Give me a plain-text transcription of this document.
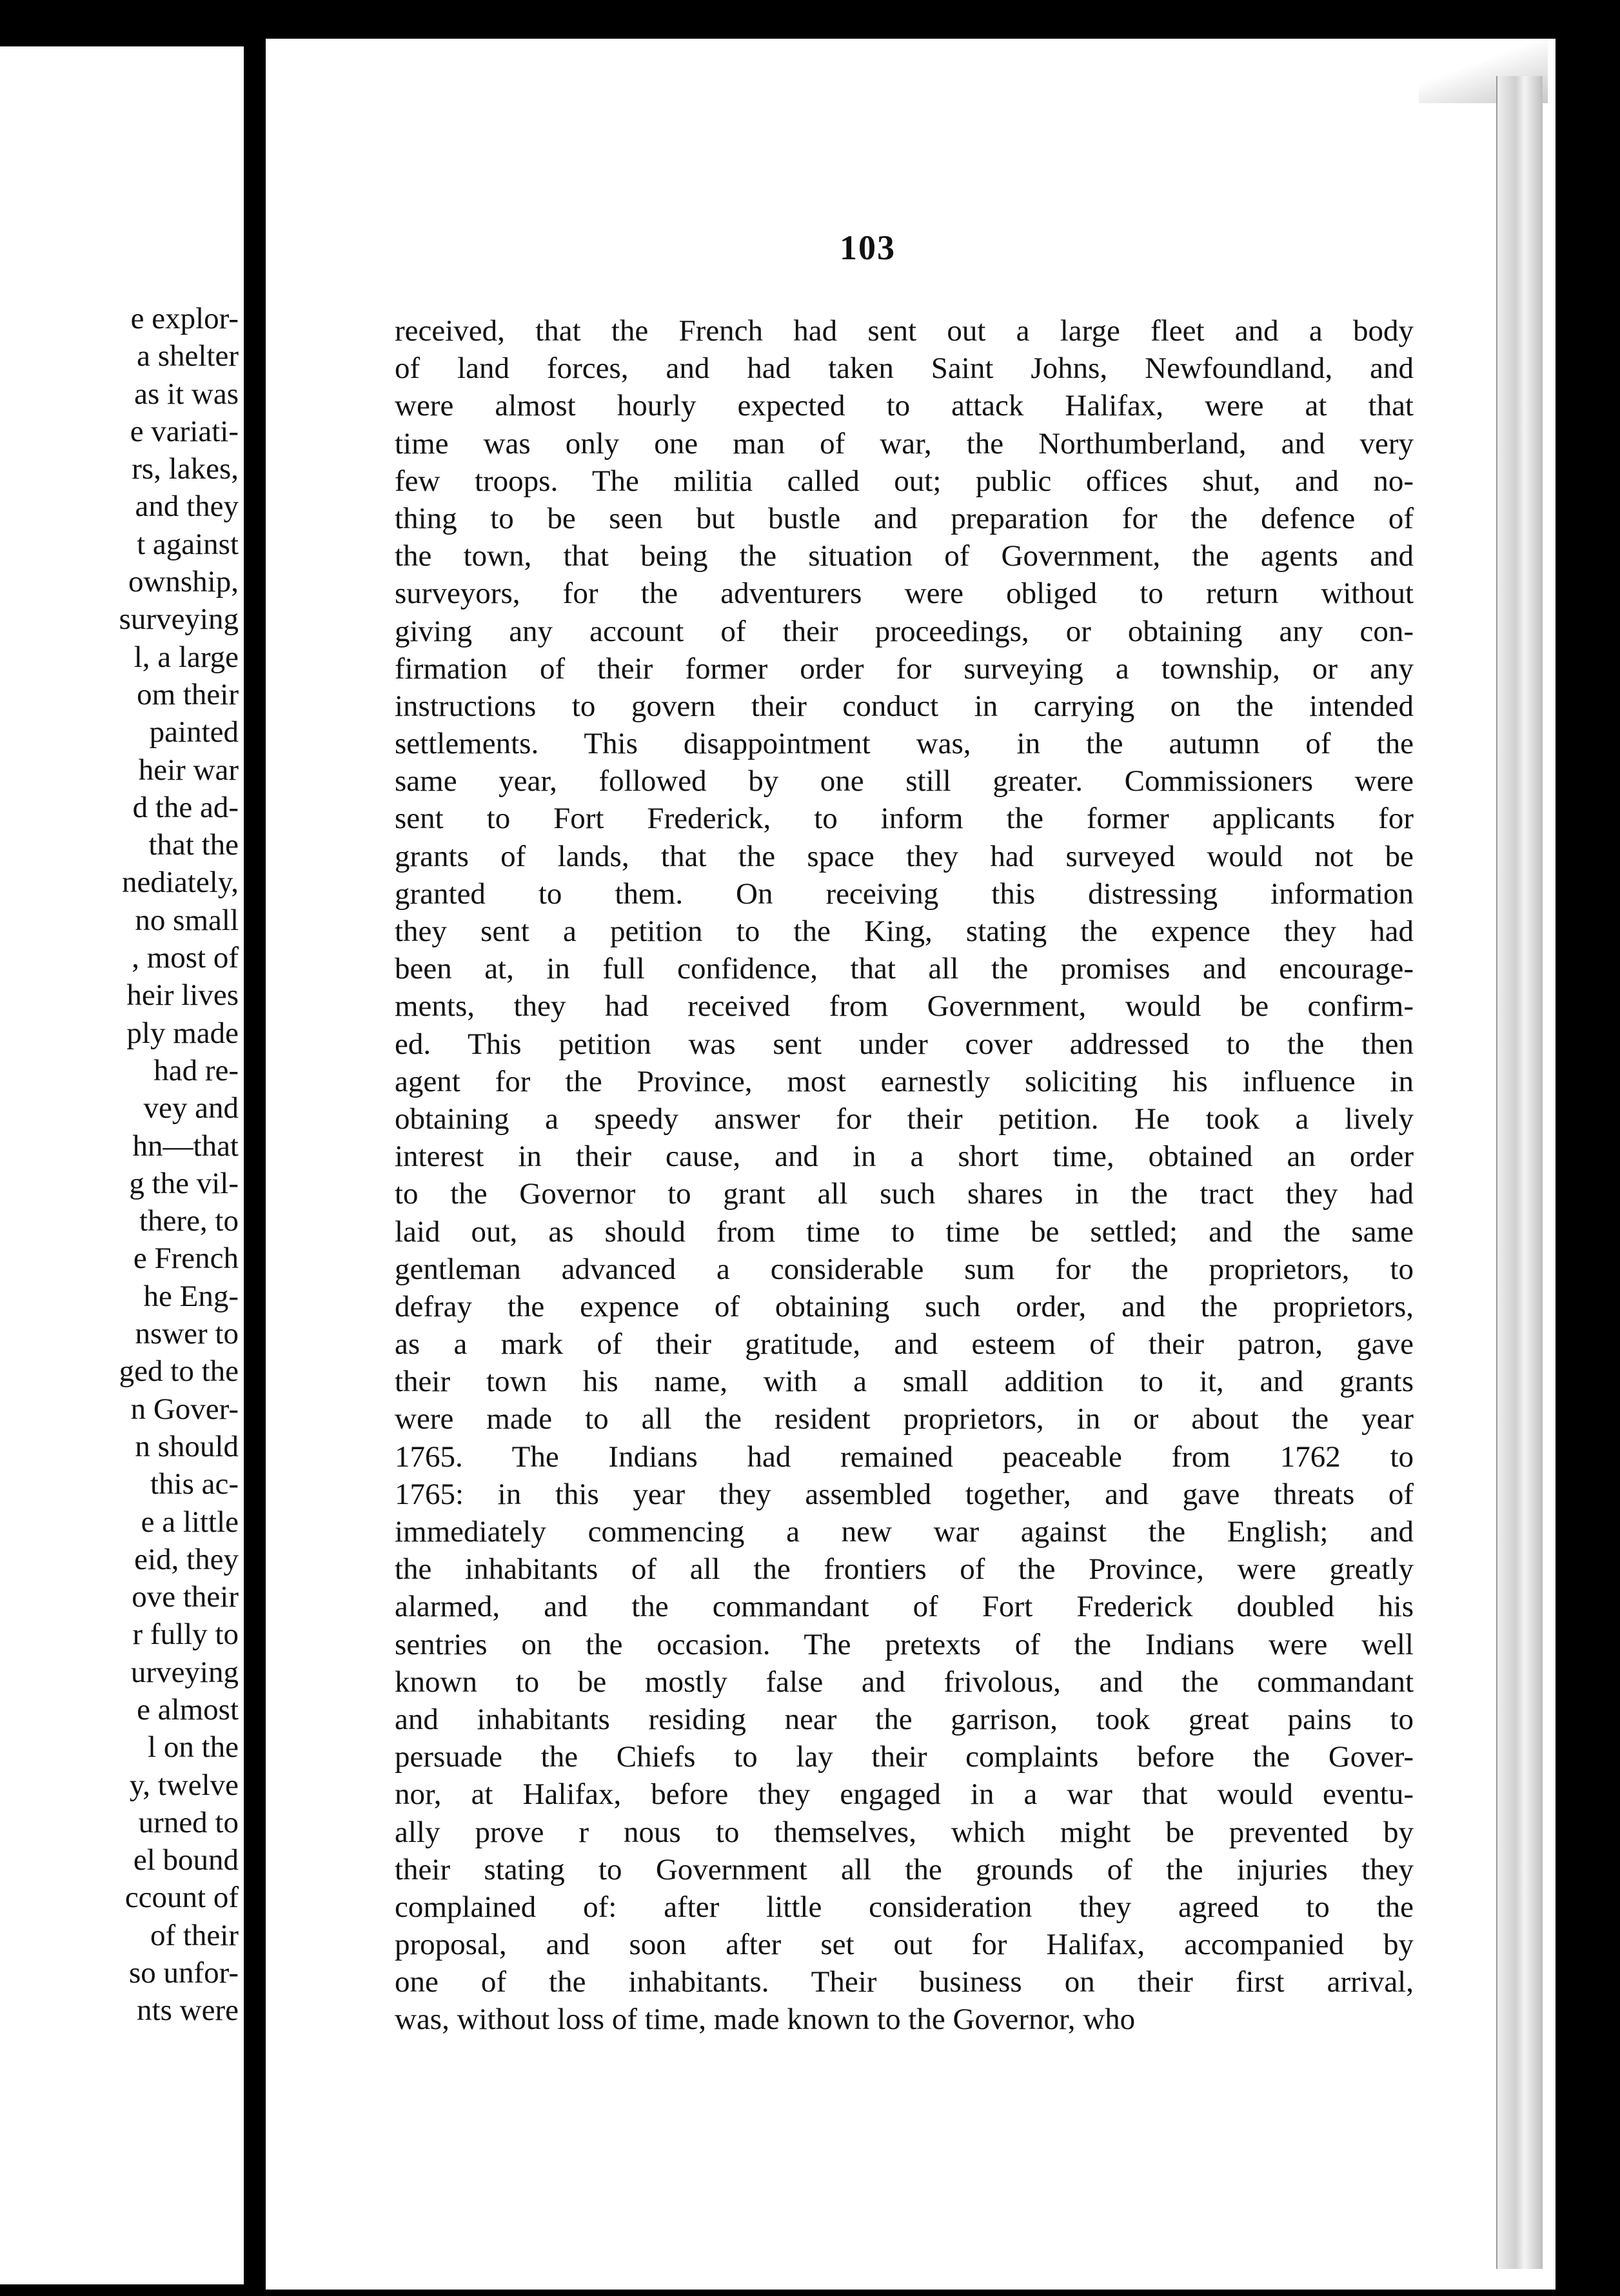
e explor-
a shelter
as it was
e variati-
rs, lakes,
and they
t against
ownship,
surveying
l, a large
om their
painted
heir war
d the ad-
that the
nediately,
no small
, most of
heir lives
ply made
had re-
vey and
hn—that
g the vil-
there, to
e French
he Eng-
nswer to
ged to the
n Gover-
n should
this ac-
e a little
eid, they
ove their
r fully to
urveying
e almost
l on the
y, twelve
urned to
el bound
ccount of
of their
so unfor-
nts were
103
received, that the French had sent out a large fleet and a body
of land forces, and had taken Saint Johns, Newfoundland, and
were almost hourly expected to attack Halifax, were at that
time was only one man of war, the Northumberland, and very
few troops. The militia called out; public offices shut, and no-
thing to be seen but bustle and preparation for the defence of
the town, that being the situation of Government, the agents and
surveyors, for the adventurers were obliged to return without
giving any account of their proceedings, or obtaining any con-
firmation of their former order for surveying a township, or any
instructions to govern their conduct in carrying on the intended
settlements. This disappointment was, in the autumn of the
same year, followed by one still greater. Commissioners were
sent to Fort Frederick, to inform the former applicants for
grants of lands, that the space they had surveyed would not be
granted to them. On receiving this distressing information
they sent a petition to the King, stating the expence they had
been at, in full confidence, that all the promises and encourage-
ments, they had received from Government, would be confirm-
ed. This petition was sent under cover addressed to the then
agent for the Province, most earnestly soliciting his influence in
obtaining a speedy answer for their petition. He took a lively
interest in their cause, and in a short time, obtained an order
to the Governor to grant all such shares in the tract they had
laid out, as should from time to time be settled; and the same
gentleman advanced a considerable sum for the proprietors, to
defray the expence of obtaining such order, and the proprietors,
as a mark of their gratitude, and esteem of their patron, gave
their town his name, with a small addition to it, and grants
were made to all the resident proprietors, in or about the year
1765. The Indians had remained peaceable from 1762 to
1765: in this year they assembled together, and gave threats of
immediately commencing a new war against the English; and
the inhabitants of all the frontiers of the Province, were greatly
alarmed, and the commandant of Fort Frederick doubled his
sentries on the occasion. The pretexts of the Indians were well
known to be mostly false and frivolous, and the commandant
and inhabitants residing near the garrison, took great pains to
persuade the Chiefs to lay their complaints before the Gover-
nor, at Halifax, before they engaged in a war that would eventu-
ally prove r nous to themselves, which might be prevented by
their stating to Government all the grounds of the injuries they
complained of: after little consideration they agreed to the
proposal, and soon after set out for Halifax, accompanied by
one of the inhabitants. Their business on their first arrival,
was, without loss of time, made known to the Governor, who
